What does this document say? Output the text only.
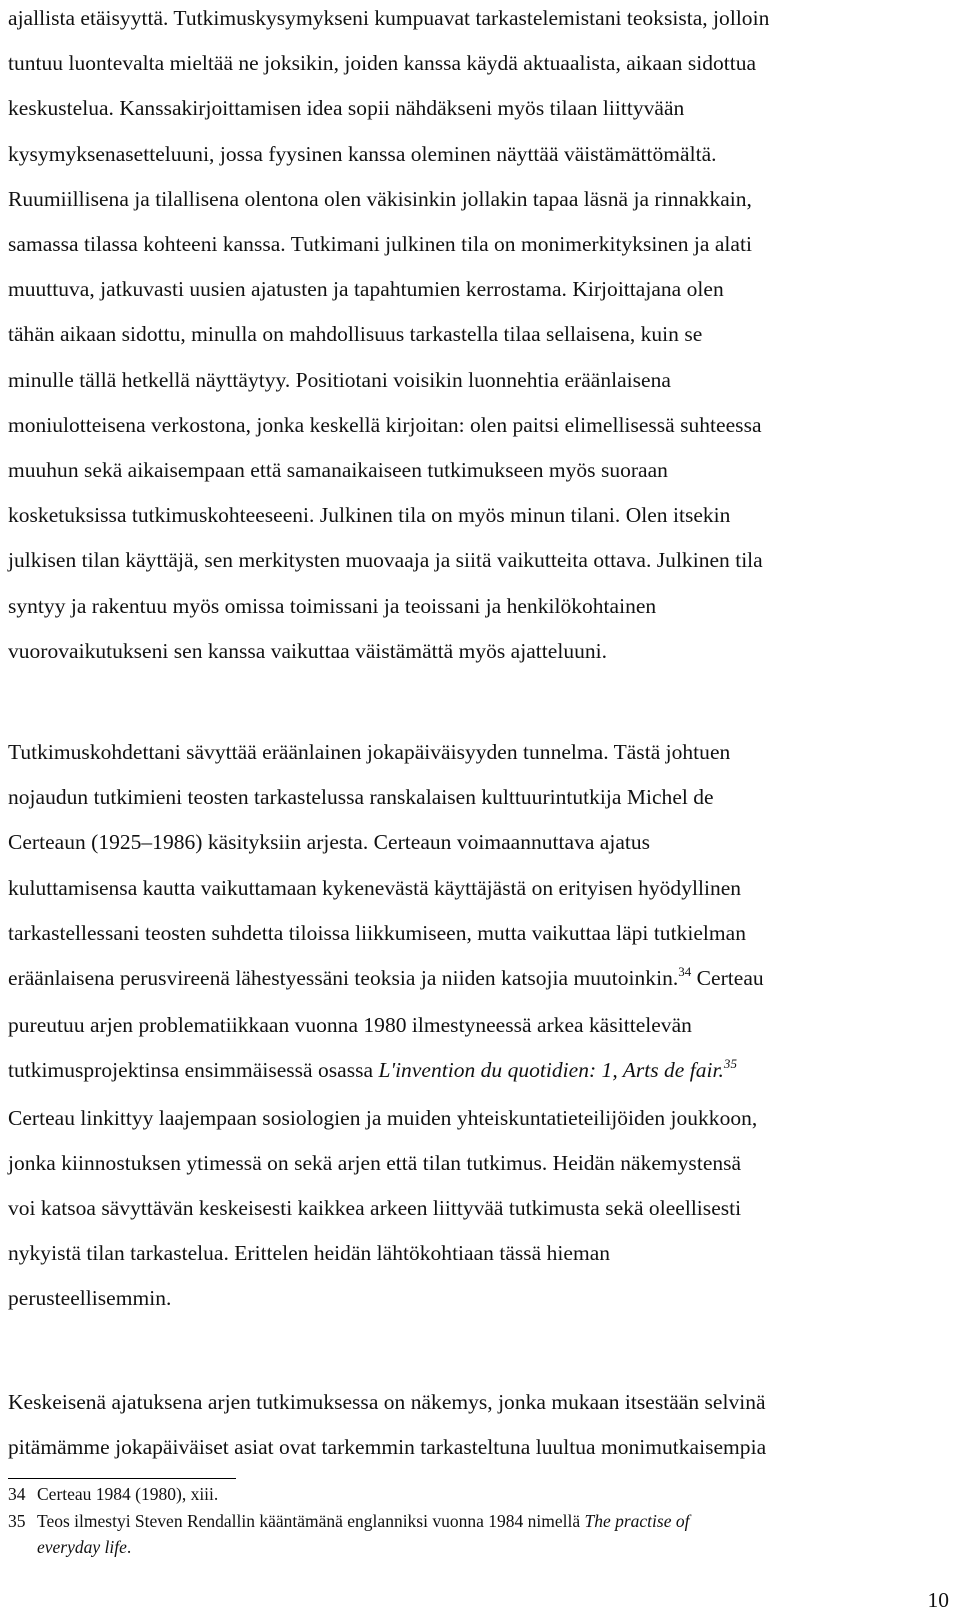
ajallista etäisyyttä. Tutkimuskysymykseni kumpuavat tarkastelemistani teoksista, jolloin
tuntuu luontevalta mieltää ne joksikin, joiden kanssa käydä aktuaalista, aikaan sidottua
keskustelua. Kanssakirjoittamisen idea sopii nähdäkseni myös tilaan liittyvään
kysymyksenasetteluuni, jossa fyysinen kanssa oleminen näyttää väistämättömältä.
Ruumiillisena ja tilallisena olentona olen väkisinkin jollakin tapaa läsnä ja rinnakkain,
samassa tilassa kohteeni kanssa. Tutkimani julkinen tila on monimerkityksinen ja alati
muuttuva, jatkuvasti uusien ajatusten ja tapahtumien kerrostama. Kirjoittajana olen
tähän aikaan sidottu, minulla on mahdollisuus tarkastella tilaa sellaisena, kuin se
minulle tällä hetkellä näyttäytyy. Positiotani voisikin luonnehtia eräänlaisena
moniulotteisena verkostona, jonka keskellä kirjoitan: olen paitsi elimellisessä suhteessa
muuhun sekä aikaisempaan että samanaikaiseen tutkimukseen myös suoraan
kosketuksissa tutkimuskohteeseeni. Julkinen tila on myös minun tilani. Olen itsekin
julkisen tilan käyttäjä, sen merkitysten muovaaja ja siitä vaikutteita ottava. Julkinen tila
syntyy ja rakentuu myös omissa toimissani ja teoissani ja henkilökohtainen
vuorovaikutukseni sen kanssa vaikuttaa väistämättä myös ajatteluuni.
Tutkimuskohdettani sävyttää eräänlainen jokapäiväisyyden tunnelma. Tästä johtuen
nojaudun tutkimieni teosten tarkastelussa ranskalaisen kulttuurintutkija Michel de
Certeaun (1925–1986) käsityksiin arjesta. Certeaun voimaannuttava ajatus
kuluttamisensa kautta vaikuttamaan kykenevästä käyttäjästä on erityisen hyödyllinen
tarkastellessani teosten suhdetta tiloissa liikkumiseen, mutta vaikuttaa läpi tutkielman
eräänlaisena perusvireenä lähestyessäni teoksia ja niiden katsojia muutoinkin.$^{34}$ Certeau
pureutuu arjen problematiikkaan vuonna 1980 ilmestyneessä arkea käsittelevän
tutkimusprojektinsa ensimmäisessä osassa L'invention du quotidien: 1, Arts de fair.$^{35}$
Certeau linkittyy laajempaan sosiologien ja muiden yhteiskuntatieteilijöiden joukkoon,
jonka kiinnostuksen ytimessä on sekä arjen että tilan tutkimus. Heidän näkemystensä
voi katsoa sävyttävän keskeisesti kaikkea arkeen liittyvää tutkimusta sekä oleellisesti
nykyistä tilan tarkastelua. Erittelen heidän lähtökohtiaan tässä hieman
perusteellisemmin.
Keskeisenä ajatuksena arjen tutkimuksessa on näkemys, jonka mukaan itsestään selvinä
pitämämme jokapäiväiset asiat ovat tarkemmin tarkasteltuna luultua monimutkaisempia
34 Certeau 1984 (1980), xiii.
35 Teos ilmestyi Steven Rendallin kääntämänä englanniksi vuonna 1984 nimellä The practise of
everyday life.
10
